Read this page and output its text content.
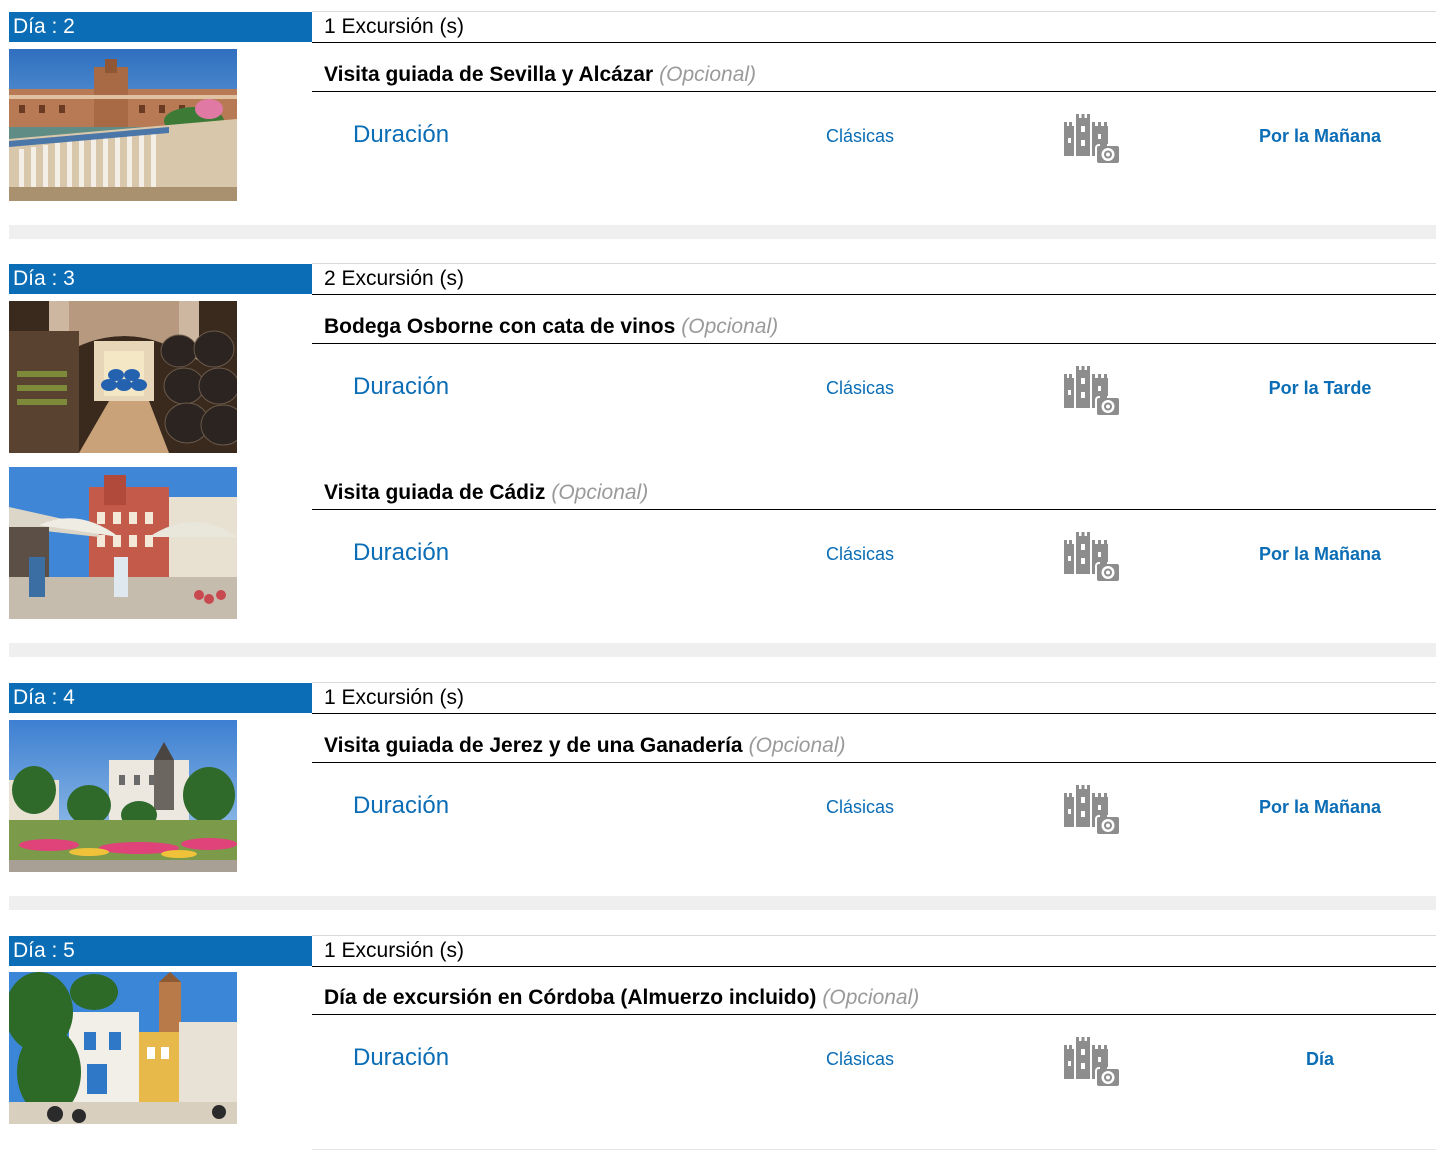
Día : 2	1 Excursión (s)
Visita guiada de Sevilla y Alcázar (Opcional)
Duración	Clásicas	Por la Mañana
Día : 3	2 Excursión (s)
Bodega Osborne con cata de vinos (Opcional)
Duración	Clásicas	Por la Tarde
Visita guiada de Cádiz (Opcional)
Duración	Clásicas	Por la Mañana
Día : 4	1 Excursión (s)
Visita guiada de Jerez y de una Ganadería (Opcional)
Duración	Clásicas	Por la Mañana
Día : 5	1 Excursión (s)
Día de excursión en Córdoba (Almuerzo incluido) (Opcional)
Duración	Clásicas	Día
